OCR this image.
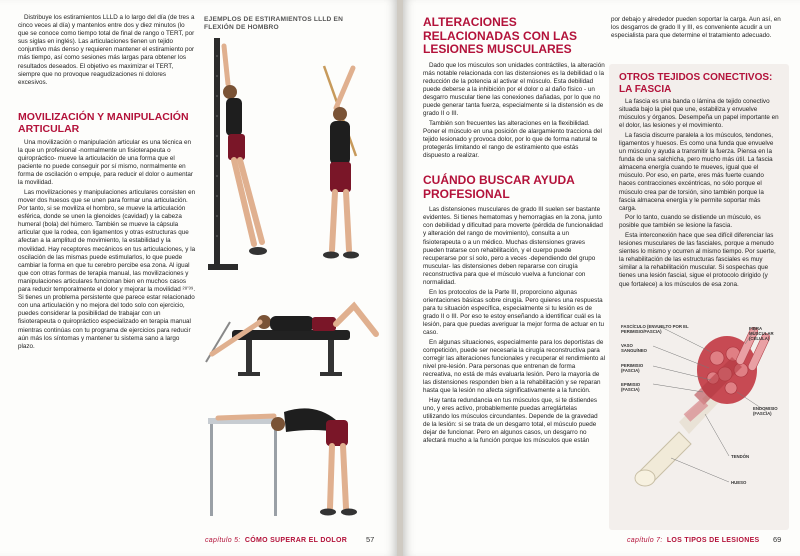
Distribuye los estiramientos LLLD a lo largo del día (de tres a cinco veces al día) y mantenlos entre dos y diez minutos (lo que se conoce como tiempo total de final de rango o TERT, por sus siglas en inglés). Las articulaciones tienen un tejido conjuntivo más denso y requieren mantener el estiramiento por más tiempo, así como sesiones más largas para obtener los resultados deseados. El objetivo es maximizar el TERT, siempre que no provoque reagudizaciones ni dolores excesivos.

MOVILIZACIÓN Y MANIPULACIÓN ARTICULAR

Una movilización o manipulación articular es una técnica en la que un profesional -normalmente un fisioterapeuta o quiropráctico- mueve la articulación de una forma que el paciente no puede conseguir por sí mismo, normalmente en forma de oscilación o empuje, para reducir el dolor o aumentar la movilidad.

Las movilizaciones y manipulaciones articulares consisten en mover dos huesos que se unen para formar una articulación. Por tanto, si se moviliza el hombro, se mueve la articulación esférica, donde se unen la glenoides (cavidad) y la cabeza humeral (bola) del húmero. También se mueve la cápsula articular que la rodea, con ligamentos y otras estructuras que afectan a la amplitud de movimiento, la estabilidad y la movilidad. Hay receptores mecánicos en tus articulaciones, y la oscilación de las mismas puede estimularlos, lo que puede cambiar la forma en que tu cerebro percibe esa zona. Al igual que con otras formas de terapia manual, las movilizaciones y manipulaciones articulares funcionan bien en muchos casos para reducir temporalmente el dolor y mejorar la movilidad ²⁸ʼ³⁹. Si tienes un problema persistente que parece estar relacionado con una articulación y no mejora del todo solo con ejercicio, puedes considerar la posibilidad de trabajar con un fisioterapeuta o quiropráctico especializado en terapia manual mientras continúas con tu programa de ejercicios para reducir aún más los síntomas y mantener tu sistema sano a largo plazo.

EJEMPLOS DE ESTIRAMIENTOS LLLD EN FLEXIÓN DE HOMBRO
capítulo 5: CÓMO SUPERAR EL DOLOR	57
ALTERACIONES RELACIONADAS CON LAS LESIONES MUSCULARES

Dado que los músculos son unidades contráctiles, la alteración más notable relacionada con las distensiones es la debilidad o la reducción de la potencia al activar el músculo. Esta debilidad puede deberse a la inhibición por el dolor o al daño físico - un desgarro muscular tiene las conexiones dañadas, por lo que no puede generar tanta fuerza, especialmente si la distensión es de grado II o III.

También son frecuentes las alteraciones en la flexibilidad. Poner el músculo en una posición de alargamiento tracciona del tejido lesionado y provoca dolor, por lo que de forma natural te protegerás limitando el rango de estiramiento que estás dispuesto a realizar.

CUÁNDO BUSCAR AYUDA PROFESIONAL

Las distensiones musculares de grado III suelen ser bastante evidentes. Si tienes hematomas y hemorragias en la zona, junto con debilidad y dificultad para moverte (pérdida de funcionalidad y alteración del rango de movimiento), consulta a un fisioterapeuta o a un médico. Muchas distensiones graves pueden tratarse con rehabilitación, y el cuerpo puede recuperarse por sí solo, pero a veces -dependiendo del grupo muscular- las distensiones deben repararse con cirugía reconstructiva para que el músculo vuelva a funcionar con normalidad.

En los protocolos de la Parte III, proporciono algunas orientaciones básicas sobre cirugía. Pero quieres una respuesta para tu situación específica, especialmente si tu lesión es de grado II o III. Por eso te estoy enseñando a identificar cuál es la lesión, para que puedas averiguar la mejor forma de actuar en tu caso.

En algunas situaciones, especialmente para los deportistas de competición, puede ser necesaria la cirugía reconstructiva para corregir las alteraciones funcionales y recuperar el rendimiento al nivel pre-lesión. Para personas que entrenan de forma recreativa, no está de más evaluarla lesión. Pero la mayoría de las distensiones responden bien a la rehabilitación y se reparan hasta que la lesión no afecta significativamente a la función.

Hay tanta redundancia en tus músculos que, si te distiendes uno, y eres activo, probablemente puedas arreglártelas utilizando los músculos circundantes. Depende de la gravedad de la lesión: si se trata de un desgarro total, el músculo puede dejar de funcionar. Pero en algunos casos, un desgarro no afectará mucho a la función porque los músculos que están

por debajo y alrededor pueden soportar la carga. Aun así, en los desgarros de grado II y III, es conveniente acudir a un especialista para que determine el tratamiento adecuado.

OTROS TEJIDOS CONECTIVOS: LA FASCIA

La fascia es una banda o lámina de tejido conectivo situada bajo la piel que une, estabiliza y envuelve músculos y órganos. Desempeña un papel importante en el dolor, las lesiones y el movimiento.

La fascia discurre paralela a los músculos, tendones, ligamentos y huesos. Es como una funda que envuelve un músculo y ayuda a transmitir la fuerza. Piensa en la funda de una salchicha, pero mucho más útil. La fascia almacena energía cuando te mueves, igual que el músculo. Por eso, en parte, eres más fuerte cuando haces contracciones excéntricas, no sólo porque el músculo crea par de torsión, sino también porque la fascia almacena energía y le permite soportar más carga.

Por lo tanto, cuando se distiende un músculo, es posible que también se lesione la fascia.

Esta interconexión hace que sea difícil diferenciar las lesiones musculares de las fasciales, porque a menudo sientes lo mismo y ocurren al mismo tiempo. Por suerte, la rehabilitación de las estructuras fasciales es muy similar a la rehabilitación muscular. Si sospechas que tienes una lesión fascial, sigue el protocolo dirigido (y que fortalece) a los músculos de esa zona.

FASCÍCULO (ENVUELTO POR EL PERIMISIO/FASCIA)
VASO SANGUÍNEO
PERIMISIO (FASCIA)
EPIMISIO (FASCIA)
FIBRA MUSCULAR (CÉLULA)
ENDOMISIO (FASCIA)
TENDÓN
HUESO
capítulo 7: LOS TIPOS DE LESIONES 69
